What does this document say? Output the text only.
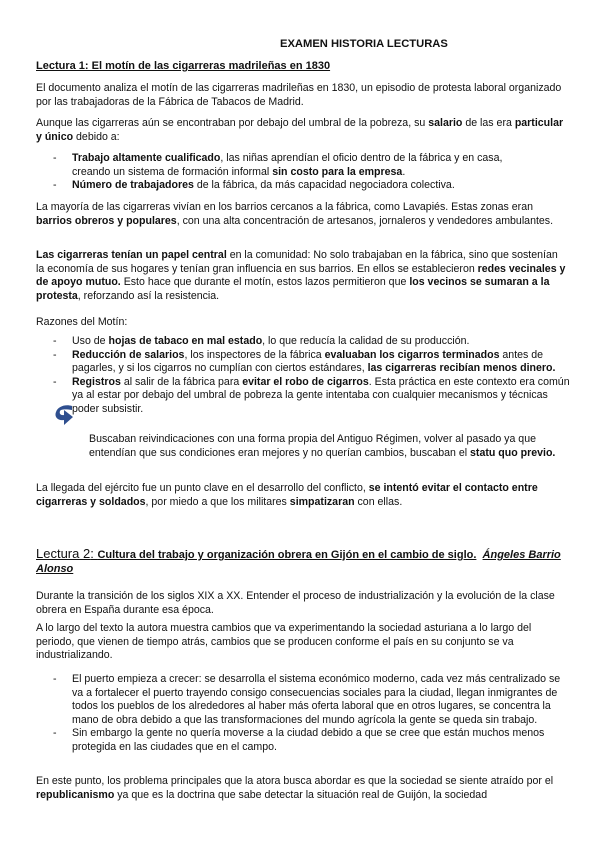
EXAMEN HISTORIA LECTURAS
Lectura 1: El motín de las cigarreras madrileñas en 1830
El documento analiza el motín de las cigarreras madrileñas en 1830, un episodio de protesta laboral organizado por las trabajadoras de la Fábrica de Tabacos de Madrid.
Aunque las cigarreras aún se encontraban por debajo del umbral de la pobreza, su salario de las era particular y único debido a:
- Trabajo altamente cualificado, las niñas aprendían el oficio dentro de la fábrica y en casa, creando un sistema de formación informal sin costo para la empresa.
- Número de trabajadores de la fábrica, da más capacidad negociadora colectiva.
La mayoría de las cigarreras vivían en los barrios cercanos a la fábrica, como Lavapiés. Estas zonas eran barrios obreros y populares, con una alta concentración de artesanos, jornaleros y vendedores ambulantes.
Las cigarreras tenían un papel central en la comunidad: No solo trabajaban en la fábrica, sino que sostenían la economía de sus hogares y tenían gran influencia en sus barrios. En ellos se establecieron redes vecinales y de apoyo mutuo. Esto hace que durante el motín, estos lazos permitieron que los vecinos se sumaran a la protesta, reforzando así la resistencia.
Razones del Motín:
- Uso de hojas de tabaco en mal estado, lo que reducía la calidad de su producción.
- Reducción de salarios, los inspectores de la fábrica evaluaban los cigarros terminados antes de pagarles, y si los cigarros no cumplían con ciertos estándares, las cigarreras recibían menos dinero.
- Registros al salir de la fábrica para evitar el robo de cigarros. Esta práctica en este contexto era común ya al estar por debajo del umbral de pobreza la gente intentaba con cualquier mecanismos y técnicas poder subsistir.
Buscaban reivindicaciones con una forma propia del Antiguo Régimen, volver al pasado ya que entendían que sus condiciones eran mejores y no querían cambios, buscaban el statu quo previo.
La llegada del ejército fue un punto clave en el desarrollo del conflicto, se intentó evitar el contacto entre cigarreras y soldados, por miedo a que los militares simpatizaran con ellas.
Lectura 2: Cultura del trabajo y organización obrera en Gijón en el cambio de siglo. Ángeles Barrio Alonso
Durante la transición de los siglos XIX a XX. Entender el proceso de industrialización y la evolución de la clase obrera en España durante esa época.
A lo largo del texto la autora muestra cambios que va experimentando la sociedad asturiana a lo largo del periodo, que vienen de tiempo atrás, cambios que se producen conforme el país en su conjunto se va industrializando.
- El puerto empieza a crecer: se desarrolla el sistema económico moderno, cada vez más centralizado se va a fortalecer el puerto trayendo consigo consecuencias sociales para la ciudad, llegan inmigrantes de todos los pueblos de los alrededores al haber más oferta laboral que en otros lugares, se concentra la mano de obra debido a que las transformaciones del mundo agrícola la gente se queda sin trabajo.
- Sin embargo la gente no quería moverse a la ciudad debido a que se cree que están muchos menos protegida en las ciudades que en el campo.
En este punto, los problema principales que la atora busca abordar es que la sociedad se siente atraído por el republicanismo ya que es la doctrina que sabe detectar la situación real de Guijón, la sociedad
